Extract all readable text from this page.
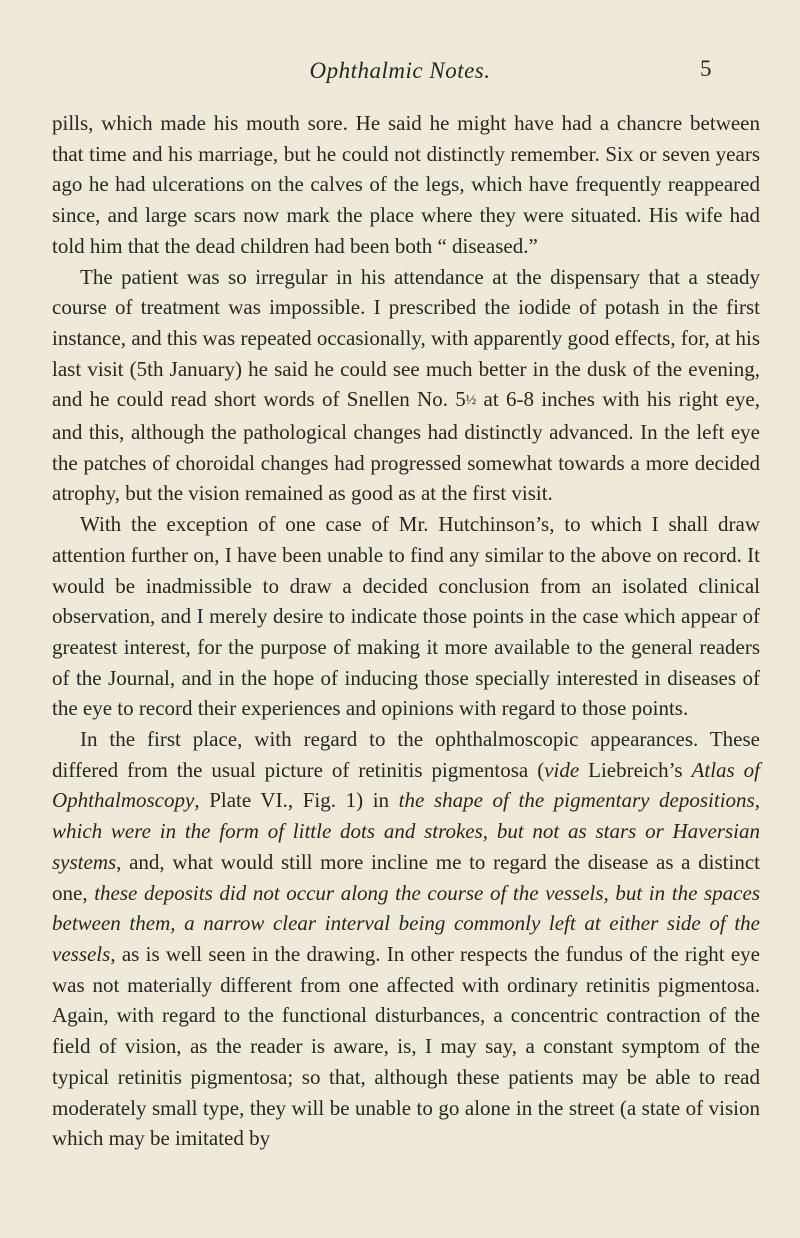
Ophthalmic Notes.	5

pills, which made his mouth sore. He said he might have had a chancre between that time and his marriage, but he could not distinctly remember. Six or seven years ago he had ulcerations on the calves of the legs, which have frequently reappeared since, and large scars now mark the place where they were situated. His wife had told him that the dead children had been both “ diseased.”

The patient was so irregular in his attendance at the dispensary that a steady course of treatment was impossible. I prescribed the iodide of potash in the first instance, and this was repeated occasionally, with apparently good effects, for, at his last visit (5th January) he said he could see much better in the dusk of the evening, and he could read short words of Snellen No. 5½ at 6-8 inches with his right eye, and this, although the pathological changes had distinctly advanced. In the left eye the patches of choroidal changes had progressed somewhat towards a more decided atrophy, but the vision remained as good as at the first visit.

With the exception of one case of Mr. Hutchinson’s, to which I shall draw attention further on, I have been unable to find any similar to the above on record. It would be inadmissible to draw a decided conclusion from an isolated clinical observation, and I merely desire to indicate those points in the case which appear of greatest interest, for the purpose of making it more available to the general readers of the Journal, and in the hope of inducing those specially interested in diseases of the eye to record their experiences and opinions with regard to those points.

In the first place, with regard to the ophthalmoscopic appearances. These differed from the usual picture of retinitis pigmentosa (vide Liebreich’s Atlas of Ophthalmoscopy, Plate VI., Fig. 1) in the shape of the pigmentary depositions, which were in the form of little dots and strokes, but not as stars or Haversian systems, and, what would still more incline me to regard the disease as a distinct one, these deposits did not occur along the course of the vessels, but in the spaces between them, a narrow clear interval being commonly left at either side of the vessels, as is well seen in the drawing. In other respects the fundus of the right eye was not materially different from one affected with ordinary retinitis pigmentosa. Again, with regard to the functional disturbances, a concentric contraction of the field of vision, as the reader is aware, is, I may say, a constant symptom of the typical retinitis pigmentosa; so that, although these patients may be able to read moderately small type, they will be unable to go alone in the street (a state of vision which may be imitated by
